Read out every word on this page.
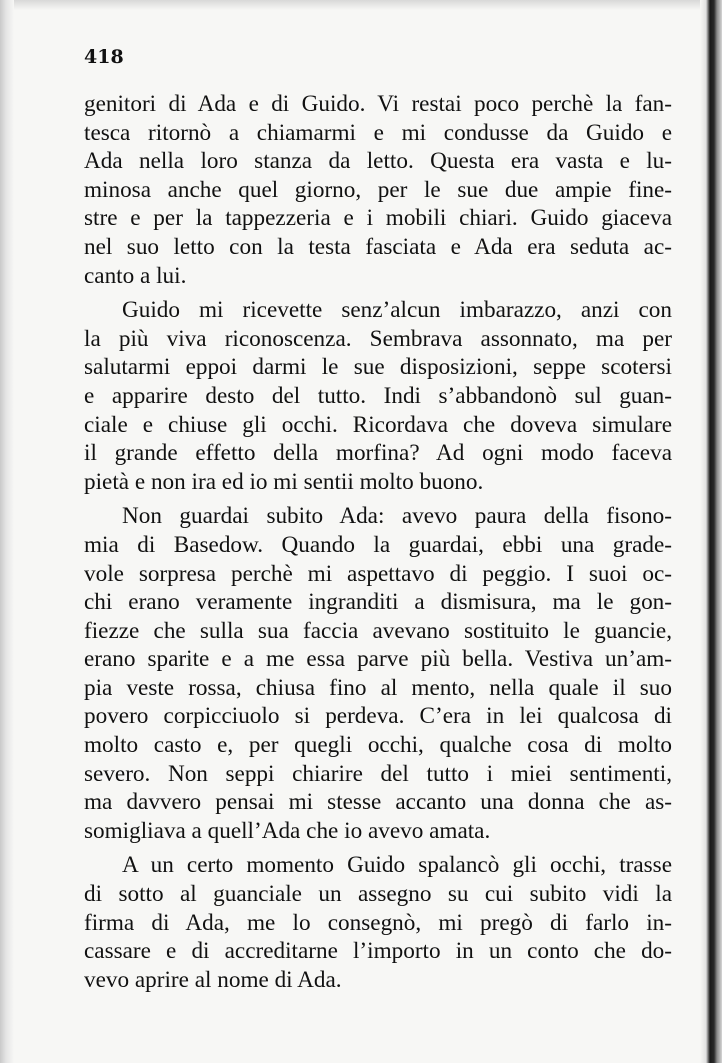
418
genitori di Ada e di Guido. Vi restai poco perchè la fan-
tesca ritornò a chiamarmi e mi condusse da Guido e
Ada nella loro stanza da letto. Questa era vasta e lu-
minosa anche quel giorno, per le sue due ampie fine-
stre e per la tappezzeria e i mobili chiari. Guido giaceva
nel suo letto con la testa fasciata e Ada era seduta ac-
canto a lui.
Guido mi ricevette senz’alcun imbarazzo, anzi con
la più viva riconoscenza. Sembrava assonnato, ma per
salutarmi eppoi darmi le sue disposizioni, seppe scotersi
e apparire desto del tutto. Indi s’abbandonò sul guan-
ciale e chiuse gli occhi. Ricordava che doveva simulare
il grande effetto della morfina? Ad ogni modo faceva
pietà e non ira ed io mi sentii molto buono.
Non guardai subito Ada: avevo paura della fisono-
mia di Basedow. Quando la guardai, ebbi una grade-
vole sorpresa perchè mi aspettavo di peggio. I suoi oc-
chi erano veramente ingranditi a dismisura, ma le gon-
fiezze che sulla sua faccia avevano sostituito le guancie,
erano sparite e a me essa parve più bella. Vestiva un’am-
pia veste rossa, chiusa fino al mento, nella quale il suo
povero corpicciuolo si perdeva. C’era in lei qualcosa di
molto casto e, per quegli occhi, qualche cosa di molto
severo. Non seppi chiarire del tutto i miei sentimenti,
ma davvero pensai mi stesse accanto una donna che as-
somigliava a quell’Ada che io avevo amata.
A un certo momento Guido spalancò gli occhi, trasse
di sotto al guanciale un assegno su cui subito vidi la
firma di Ada, me lo consegnò, mi pregò di farlo in-
cassare e di accreditarne l’importo in un conto che do-
vevo aprire al nome di Ada.
